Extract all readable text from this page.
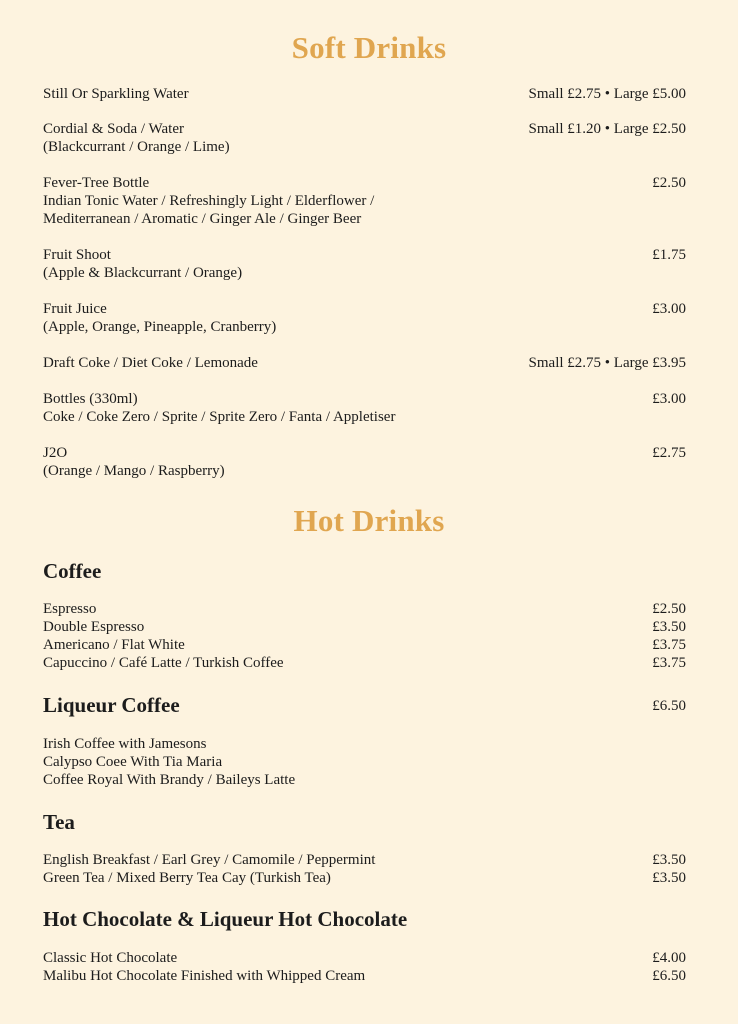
Soft Drinks
Still Or Sparkling Water	Small £2.75 • Large £5.00
Cordial & Soda / Water	Small £1.20 • Large £2.50
(Blackcurrant / Orange / Lime)
Fever-Tree Bottle	£2.50
Indian Tonic Water / Refreshingly Light / Elderflower /
Mediterranean / Aromatic / Ginger Ale / Ginger Beer
Fruit Shoot	£1.75
(Apple & Blackcurrant / Orange)
Fruit Juice	£3.00
(Apple, Orange, Pineapple, Cranberry)
Draft Coke / Diet Coke / Lemonade	Small £2.75 • Large £3.95
Bottles (330ml)	£3.00
Coke / Coke Zero / Sprite / Sprite Zero / Fanta / Appletiser
J2O	£2.75
(Orange / Mango / Raspberry)
Hot Drinks
Coffee
Espresso	£2.50
Double Espresso	£3.50
Americano / Flat White	£3.75
Capuccino / Café Latte / Turkish Coffee	£3.75
Liqueur Coffee	£6.50
Irish Coffee with Jamesons
Calypso Coee With Tia Maria
Coffee Royal With Brandy / Baileys Latte
Tea
English Breakfast / Earl Grey / Camomile / Peppermint	£3.50
Green Tea / Mixed Berry Tea Cay (Turkish Tea)	£3.50
Hot Chocolate & Liqueur Hot Chocolate
Classic Hot Chocolate	£4.00
Malibu Hot Chocolate Finished with Whipped Cream	£6.50
